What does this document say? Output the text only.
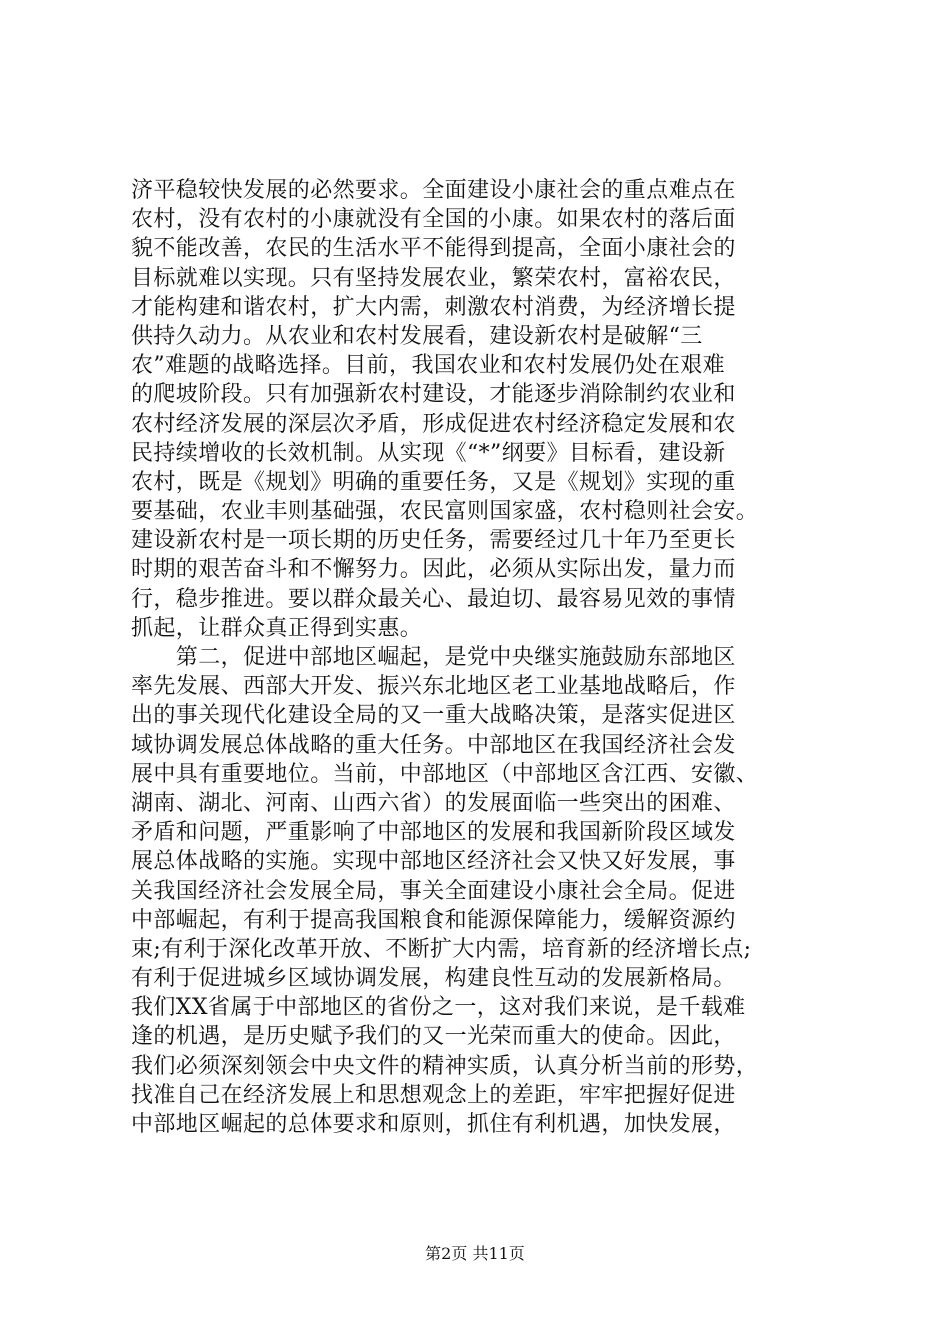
济平稳较快发展的必然要求。全面建设小康社会的重点难点在
农村，没有农村的小康就没有全国的小康。如果农村的落后面
貌不能改善，农民的生活水平不能得到提高，全面小康社会的
目标就难以实现。只有坚持发展农业，繁荣农村，富裕农民，
才能构建和谐农村，扩大内需，刺激农村消费，为经济增长提
供持久动力。从农业和农村发展看，建设新农村是破解“三
农”难题的战略选择。目前，我国农业和农村发展仍处在艰难
的爬坡阶段。只有加强新农村建设，才能逐步消除制约农业和
农村经济发展的深层次矛盾，形成促进农村经济稳定发展和农
民持续增收的长效机制。从实现《“*”纲要》目标看，建设新
农村，既是《规划》明确的重要任务，又是《规划》实现的重
要基础，农业丰则基础强，农民富则国家盛，农村稳则社会安。
建设新农村是一项长期的历史任务，需要经过几十年乃至更长
时期的艰苦奋斗和不懈努力。因此，必须从实际出发，量力而
行，稳步推进。要以群众最关心、最迫切、最容易见效的事情
抓起，让群众真正得到实惠。
　　第二，促进中部地区崛起，是党中央继实施鼓励东部地区
率先发展、西部大开发、振兴东北地区老工业基地战略后，作
出的事关现代化建设全局的又一重大战略决策，是落实促进区
域协调发展总体战略的重大任务。中部地区在我国经济社会发
展中具有重要地位。当前，中部地区（中部地区含江西、安徽、
湖南、湖北、河南、山西六省）的发展面临一些突出的困难、
矛盾和问题，严重影响了中部地区的发展和我国新阶段区域发
展总体战略的实施。实现中部地区经济社会又快又好发展，事
关我国经济社会发展全局，事关全面建设小康社会全局。促进
中部崛起，有利于提高我国粮食和能源保障能力，缓解资源约
束;有利于深化改革开放、不断扩大内需，培育新的经济增长点;
有利于促进城乡区域协调发展，构建良性互动的发展新格局。
我们XX省属于中部地区的省份之一，这对我们来说，是千载难
逢的机遇，是历史赋予我们的又一光荣而重大的使命。因此，
我们必须深刻领会中央文件的精神实质，认真分析当前的形势，
找准自己在经济发展上和思想观念上的差距，牢牢把握好促进
中部地区崛起的总体要求和原则，抓住有利机遇，加快发展，
第2页 共11页
